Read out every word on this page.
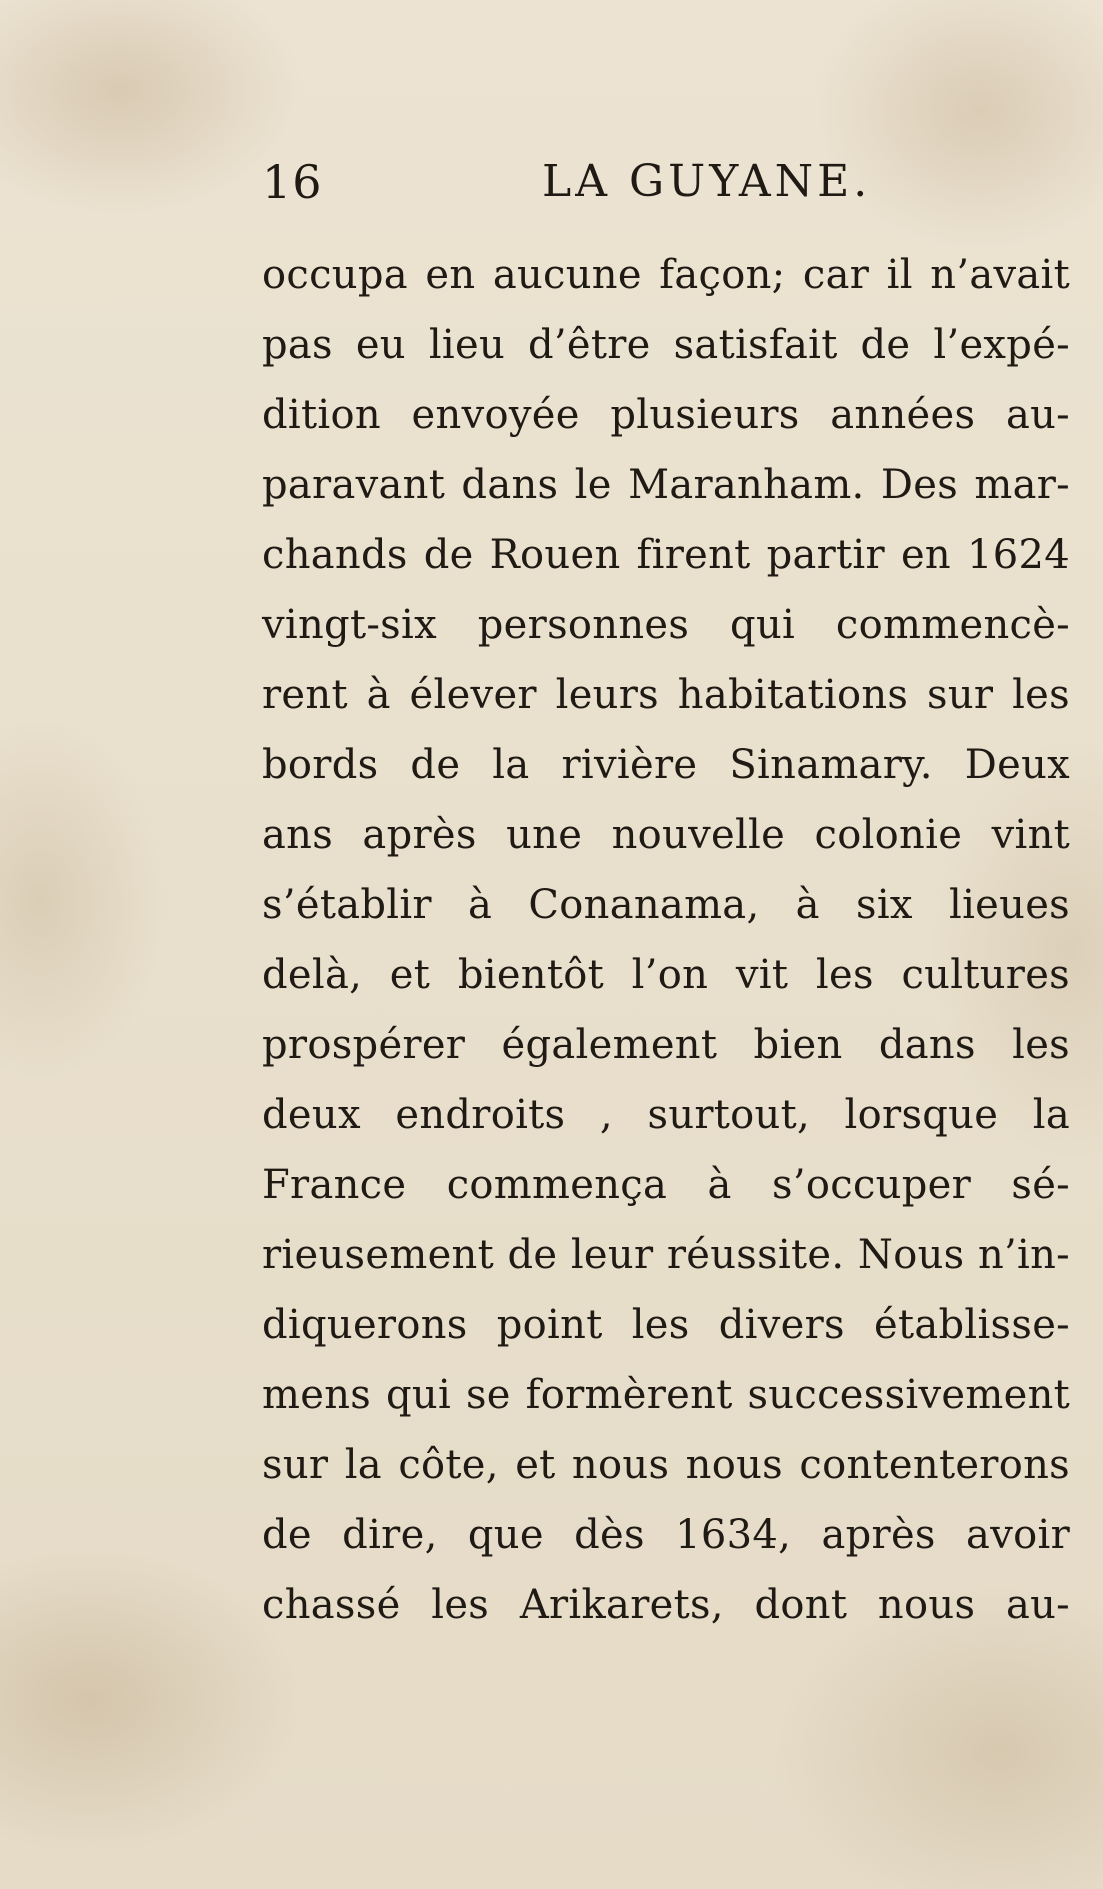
16	LA GUYANE.
occupa en aucune façon; car il n’avait
pas eu lieu d’être satisfait de l’expé-
dition envoyée plusieurs années au-
paravant dans le Maranham. Des mar-
chands de Rouen firent partir en 1624
vingt-six personnes qui commencè-
rent à élever leurs habitations sur les
bords de la rivière Sinamary. Deux
ans après une nouvelle colonie vint
s’établir à Conanama, à six lieues
delà, et bientôt l’on vit les cultures
prospérer également bien dans les
deux endroits , surtout, lorsque la
France commença à s’occuper sé-
rieusement de leur réussite. Nous n’in-
diquerons point les divers établisse-
mens qui se formèrent successivement
sur la côte, et nous nous contenterons
de dire, que dès 1634, après avoir
chassé les Arikarets, dont nous au-
